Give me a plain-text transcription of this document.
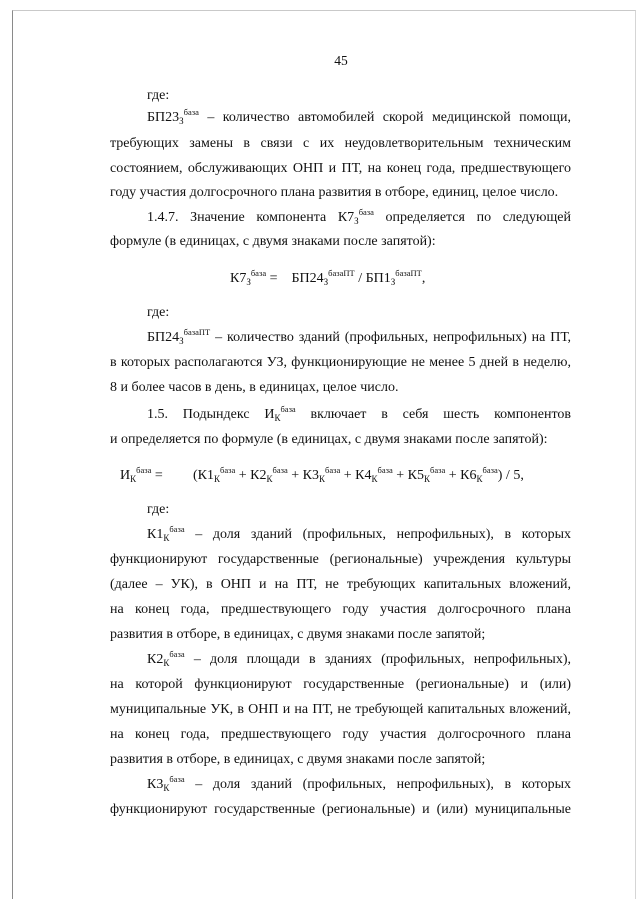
45
где:
$БП23_З^{база}$ – количество автомобилей скорой медицинской помощи,
требующих замены в связи с их неудовлетворительным техническим
состоянием, обслуживающих ОНП и ПТ, на конец года, предшествующего
году участия долгосрочного плана развития в отборе, единиц, целое число.
1.4.7. Значение компонента $К7_З^{база}$ определяется по следующей
формуле (в единицах, с двумя знаками после запятой):
$К7_З^{база}$ =    $БП24_З^{базаПТ} / БП1_З^{базаПТ}$,
где:
$БП24_З^{базаПТ}$ – количество зданий (профильных, непрофильных) на ПТ,
в которых располагаются УЗ, функционирующие не менее 5 дней в неделю,
8 и более часов в день, в единицах, целое число.
1.5. Подындекс $И_К^{база}$ включает в себя шесть компонентов
и определяется по формуле (в единицах, с двумя знаками после запятой):
$И_К^{база} = (К1_К^{база} + К2_К^{база} + К3_К^{база} + К4_К^{база} + К5_К^{база} + К6_К^{база}) / 5$,
где:
$К1_К^{база}$ – доля зданий (профильных, непрофильных), в которых
функционируют государственные (региональные) учреждения культуры
(далее – УК), в ОНП и на ПТ, не требующих капитальных вложений,
на конец года, предшествующего году участия долгосрочного плана
развития в отборе, в единицах, с двумя знаками после запятой;
$К2_К^{база}$ – доля площади в зданиях (профильных, непрофильных),
на которой функционируют государственные (региональные) и (или)
муниципальные УК, в ОНП и на ПТ, не требующей капитальных вложений,
на конец года, предшествующего году участия долгосрочного плана
развития в отборе, в единицах, с двумя знаками после запятой;
$К3_К^{база}$ – доля зданий (профильных, непрофильных), в которых
функционируют государственные (региональные) и (или) муниципальные
